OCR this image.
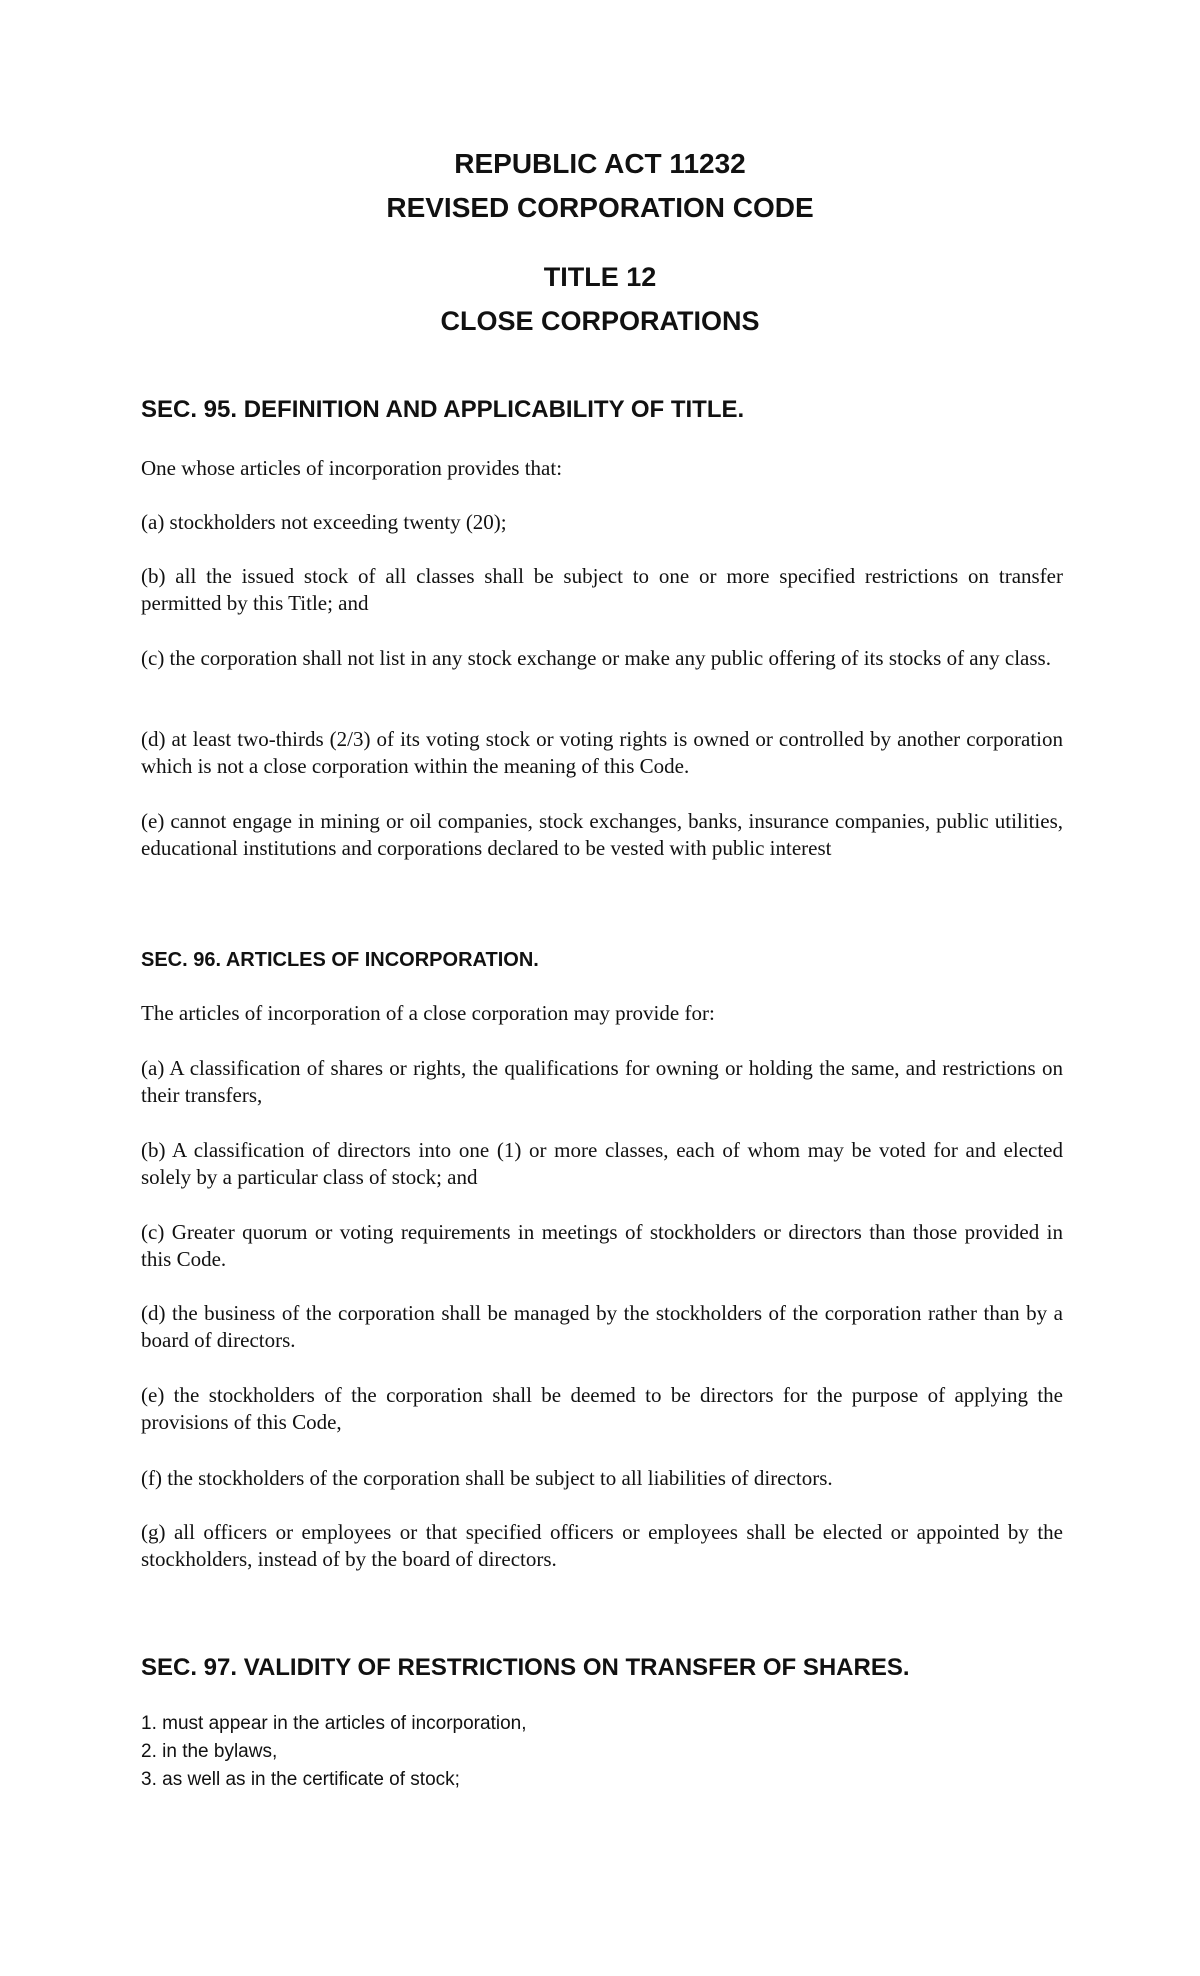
REPUBLIC ACT 11232
REVISED CORPORATION CODE
TITLE 12
CLOSE CORPORATIONS
SEC. 95. DEFINITION AND APPLICABILITY OF TITLE.

One whose articles of incorporation provides that:

(a) stockholders not exceeding twenty (20);

(b) all the issued stock of all classes shall be subject to one or more specified restrictions on transfer permitted by this Title; and

(c) the corporation shall not list in any stock exchange or make any public offering of its stocks of any class.

(d) at least two-thirds (2/3) of its voting stock or voting rights is owned or controlled by another corporation which is not a close corporation within the meaning of this Code.

(e) cannot engage in mining or oil companies, stock exchanges, banks, insurance companies, public utilities, educational institutions and corporations declared to be vested with public interest

SEC. 96. ARTICLES OF INCORPORATION.

The articles of incorporation of a close corporation may provide for:

(a) A classification of shares or rights, the qualifications for owning or holding the same, and restrictions on their transfers,

(b) A classification of directors into one (1) or more classes, each of whom may be voted for and elected solely by a particular class of stock; and

(c) Greater quorum or voting requirements in meetings of stockholders or directors than those provided in this Code.

(d) the business of the corporation shall be managed by the stockholders of the corporation rather than by a board of directors.

(e) the stockholders of the corporation shall be deemed to be directors for the purpose of applying the provisions of this Code,

(f) the stockholders of the corporation shall be subject to all liabilities of directors.

(g) all officers or employees or that specified officers or employees shall be elected or appointed by the stockholders, instead of by the board of directors.

SEC. 97. VALIDITY OF RESTRICTIONS ON TRANSFER OF SHARES.

1. must appear in the articles of incorporation,

2. in the bylaws,

3. as well as in the certificate of stock;
